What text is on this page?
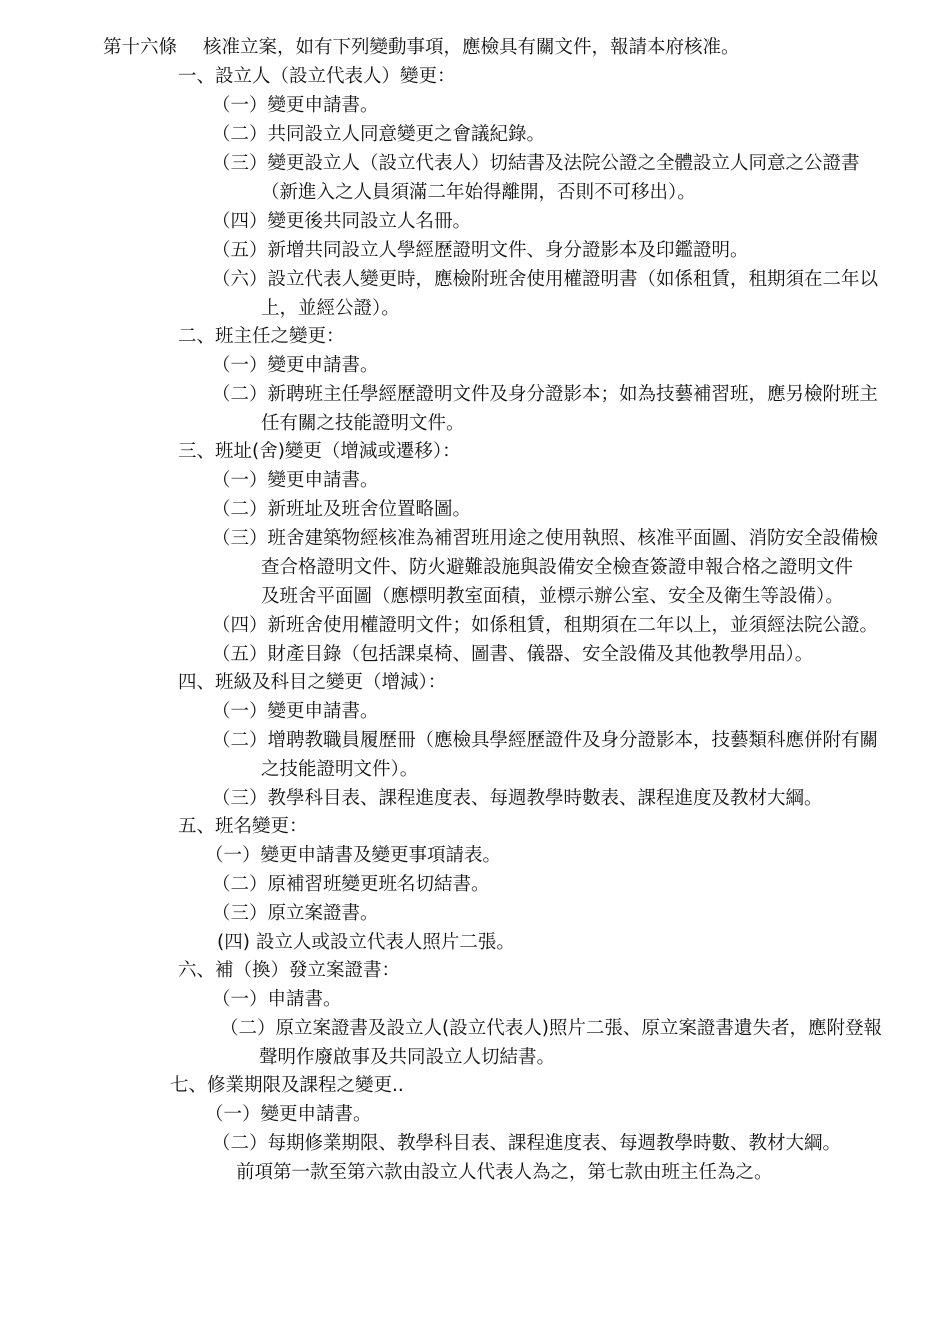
第十六條 核准立案，如有下列變動事項，應檢具有關文件，報請本府核准。
一、設立人（設立代表人）變更：
（一）變更申請書。
（二）共同設立人同意變更之會議紀錄。
（三）變更設立人（設立代表人）切結書及法院公證之全體設立人同意之公證書
（新進入之人員須滿二年始得離開，否則不可移出）。
（四）變更後共同設立人名冊。
（五）新增共同設立人學經歷證明文件、身分證影本及印鑑證明。
（六）設立代表人變更時，應檢附班舍使用權證明書（如係租賃，租期須在二年以
上，並經公證）。
二、班主任之變更：
（一）變更申請書。
（二）新聘班主任學經歷證明文件及身分證影本；如為技藝補習班，應另檢附班主
任有關之技能證明文件。
三、班址(舍)變更（增減或遷移）：
（一）變更申請書。
（二）新班址及班舍位置略圖。
（三）班舍建築物經核准為補習班用途之使用執照、核准平面圖、消防安全設備檢
查合格證明文件、防火避難設施與設備安全檢查簽證申報合格之證明文件
及班舍平面圖（應標明教室面積，並標示辦公室、安全及衛生等設備）。
（四）新班舍使用權證明文件；如係租賃，租期須在二年以上，並須經法院公證。
（五）財產目錄（包括課桌椅、圖書、儀器、安全設備及其他教學用品）。
四、班級及科目之變更（增減）：
（一）變更申請書。
（二）增聘教職員履歷冊（應檢具學經歷證件及身分證影本，技藝類科應併附有關
之技能證明文件）。
（三）教學科目表、課程進度表、每週教學時數表、課程進度及教材大綱。
五、班名變更：
（一）變更申請書及變更事項請表。
（二）原補習班變更班名切結書。
（三）原立案證書。
(四) 設立人或設立代表人照片二張。
六、補（換）發立案證書：
（一）申請書。
（二）原立案證書及設立人(設立代表人)照片二張、原立案證書遺失者，應附登報
聲明作廢啟事及共同設立人切結書。
七、修業期限及課程之變更..
（一）變更申請書。
（二）每期修業期限、教學科目表、課程進度表、每週教學時數、教材大綱。
前項第一款至第六款由設立人代表人為之，第七款由班主任為之。
